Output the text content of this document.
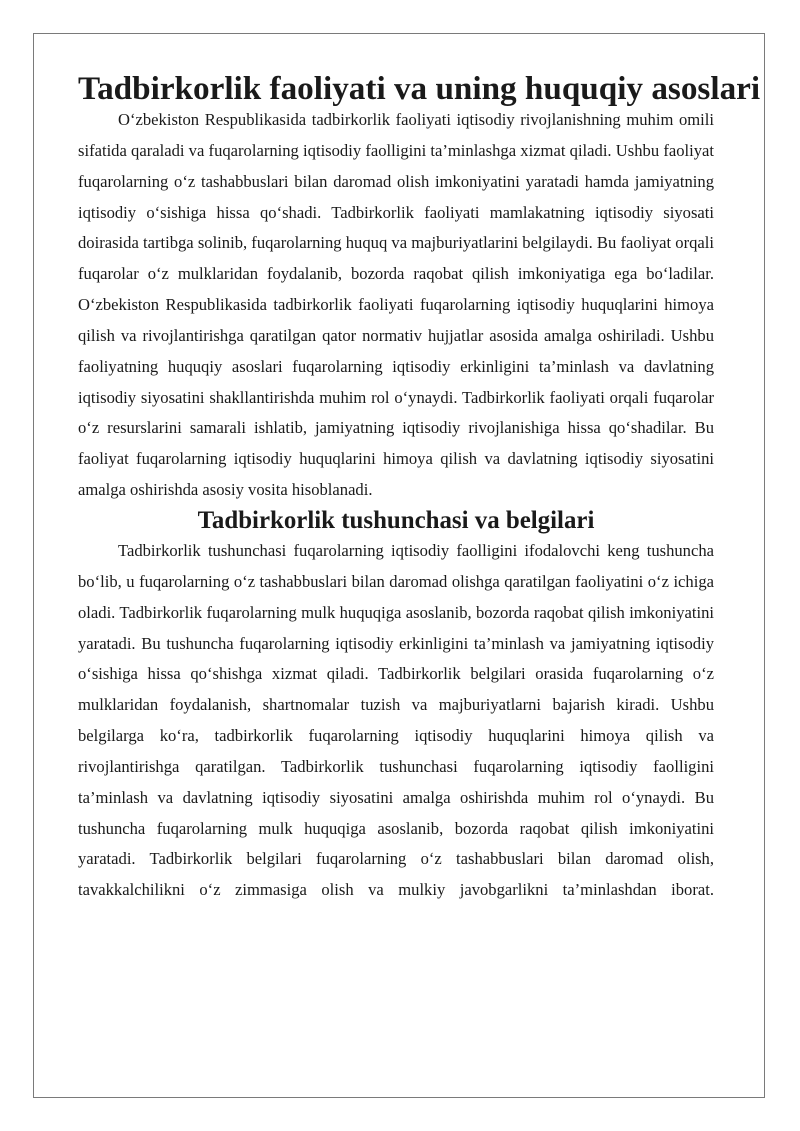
Tadbirkorlik faoliyati va uning huquqiy asoslari

O‘zbekiston Respublikasida tadbirkorlik faoliyati iqtisodiy rivojlanishning muhim omili sifatida qaraladi va fuqarolarning iqtisodiy faolligini ta’minlashga xizmat qiladi. Ushbu faoliyat fuqarolarning o‘z tashabbuslari bilan daromad olish imkoniyatini yaratadi hamda jamiyatning iqtisodiy o‘sishiga hissa qo‘shadi. Tadbirkorlik faoliyati mamlakatning iqtisodiy siyosati doirasida tartibga solinib, fuqarolarning huquq va majburiyatlarini belgilaydi. Bu faoliyat orqali fuqarolar o‘z mulklaridan foydalanib, bozorda raqobat qilish imkoniyatiga ega bo‘ladilar. O‘zbekiston Respublikasida tadbirkorlik faoliyati fuqarolarning iqtisodiy huquqlarini himoya qilish va rivojlantirishga qaratilgan qator normativ hujjatlar asosida amalga oshiriladi. Ushbu faoliyatning huquqiy asoslari fuqarolarning iqtisodiy erkinligini ta’minlash va davlatning iqtisodiy siyosatini shakllantirishda muhim rol o‘ynaydi. Tadbirkorlik faoliyati orqali fuqarolar o‘z resurslarini samarali ishlatib, jamiyatning iqtisodiy rivojlanishiga hissa qo‘shadilar. Bu faoliyat fuqarolarning iqtisodiy huquqlarini himoya qilish va davlatning iqtisodiy siyosatini amalga oshirishda asosiy vosita hisoblanadi.

Tadbirkorlik tushunchasi va belgilari

Tadbirkorlik tushunchasi fuqarolarning iqtisodiy faolligini ifodalovchi keng tushuncha bo‘lib, u fuqarolarning o‘z tashabbuslari bilan daromad olishga qaratilgan faoliyatini o‘z ichiga oladi. Tadbirkorlik fuqarolarning mulk huquqiga asoslanib, bozorda raqobat qilish imkoniyatini yaratadi. Bu tushuncha fuqarolarning iqtisodiy erkinligini ta’minlash va jamiyatning iqtisodiy o‘sishiga hissa qo‘shishga xizmat qiladi. Tadbirkorlik belgilari orasida fuqarolarning o‘z mulklaridan foydalanish, shartnomalar tuzish va majburiyatlarni bajarish kiradi. Ushbu belgilarga ko‘ra, tadbirkorlik fuqarolarning iqtisodiy huquqlarini himoya qilish va rivojlantirishga qaratilgan. Tadbirkorlik tushunchasi fuqarolarning iqtisodiy faolligini ta’minlash va davlatning iqtisodiy siyosatini amalga oshirishda muhim rol o‘ynaydi. Bu tushuncha fuqarolarning mulk huquqiga asoslanib, bozorda raqobat qilish imkoniyatini yaratadi. Tadbirkorlik belgilari fuqarolarning o‘z tashabbuslari bilan daromad olish, tavakkalchilikni o‘z zimmasiga olish va mulkiy javobgarlikni ta’minlashdan iborat.
